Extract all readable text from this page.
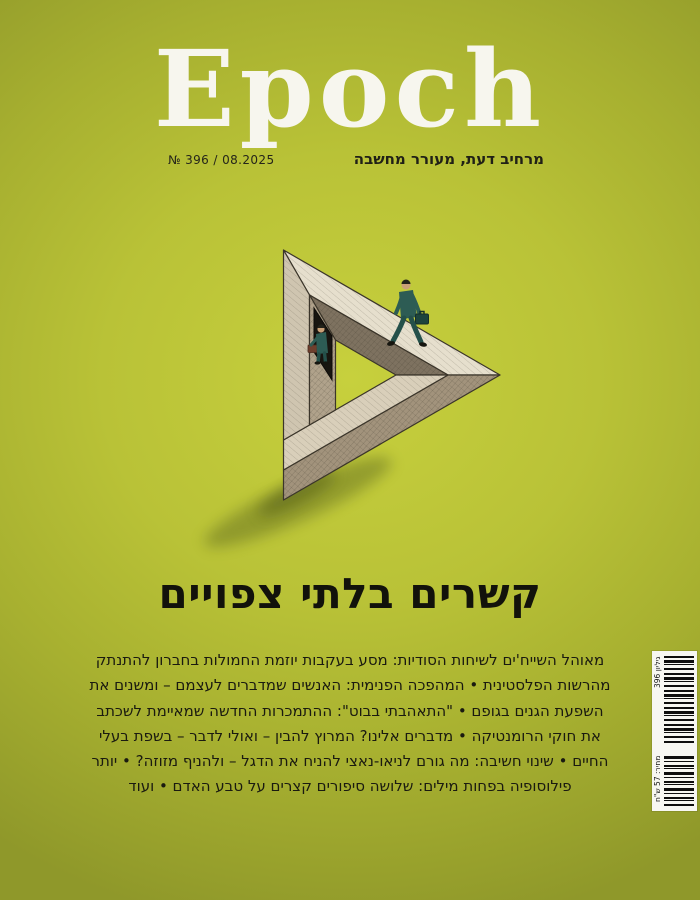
Epoch
№ 396 / 08.2025	מרחיב דעת, מעורר מחשבה
קשרים בלתי צפויים
מאוהל השייח'ים לשיחות הסודיות: מסע בעקבות יוזמת החמולות בחברון להתנתק
מהרשות הפלסטינית • המהפכה הפנימית: האנשים שמדברים לעצמם – ומשנים את
השפעת הגנים בגופם • "התאהבתי בבוט": ההתמכרות החדשה שמאיימת לשכתב
את חוקי הרומנטיקה • מדברים אלינו? המרוץ להבין – ואולי לדבר – בשפת בעלי
החיים • שינוי חשיבה: מה גורם לניאו-נאצי להניח את הדגל – ולהניף מזוזה? • יותר
פילוסופיה בפחות מילים: שלושה סיפורים קצרים על טבע האדם • ועוד
גיליון 396
מחיר: 57 ש"ח
